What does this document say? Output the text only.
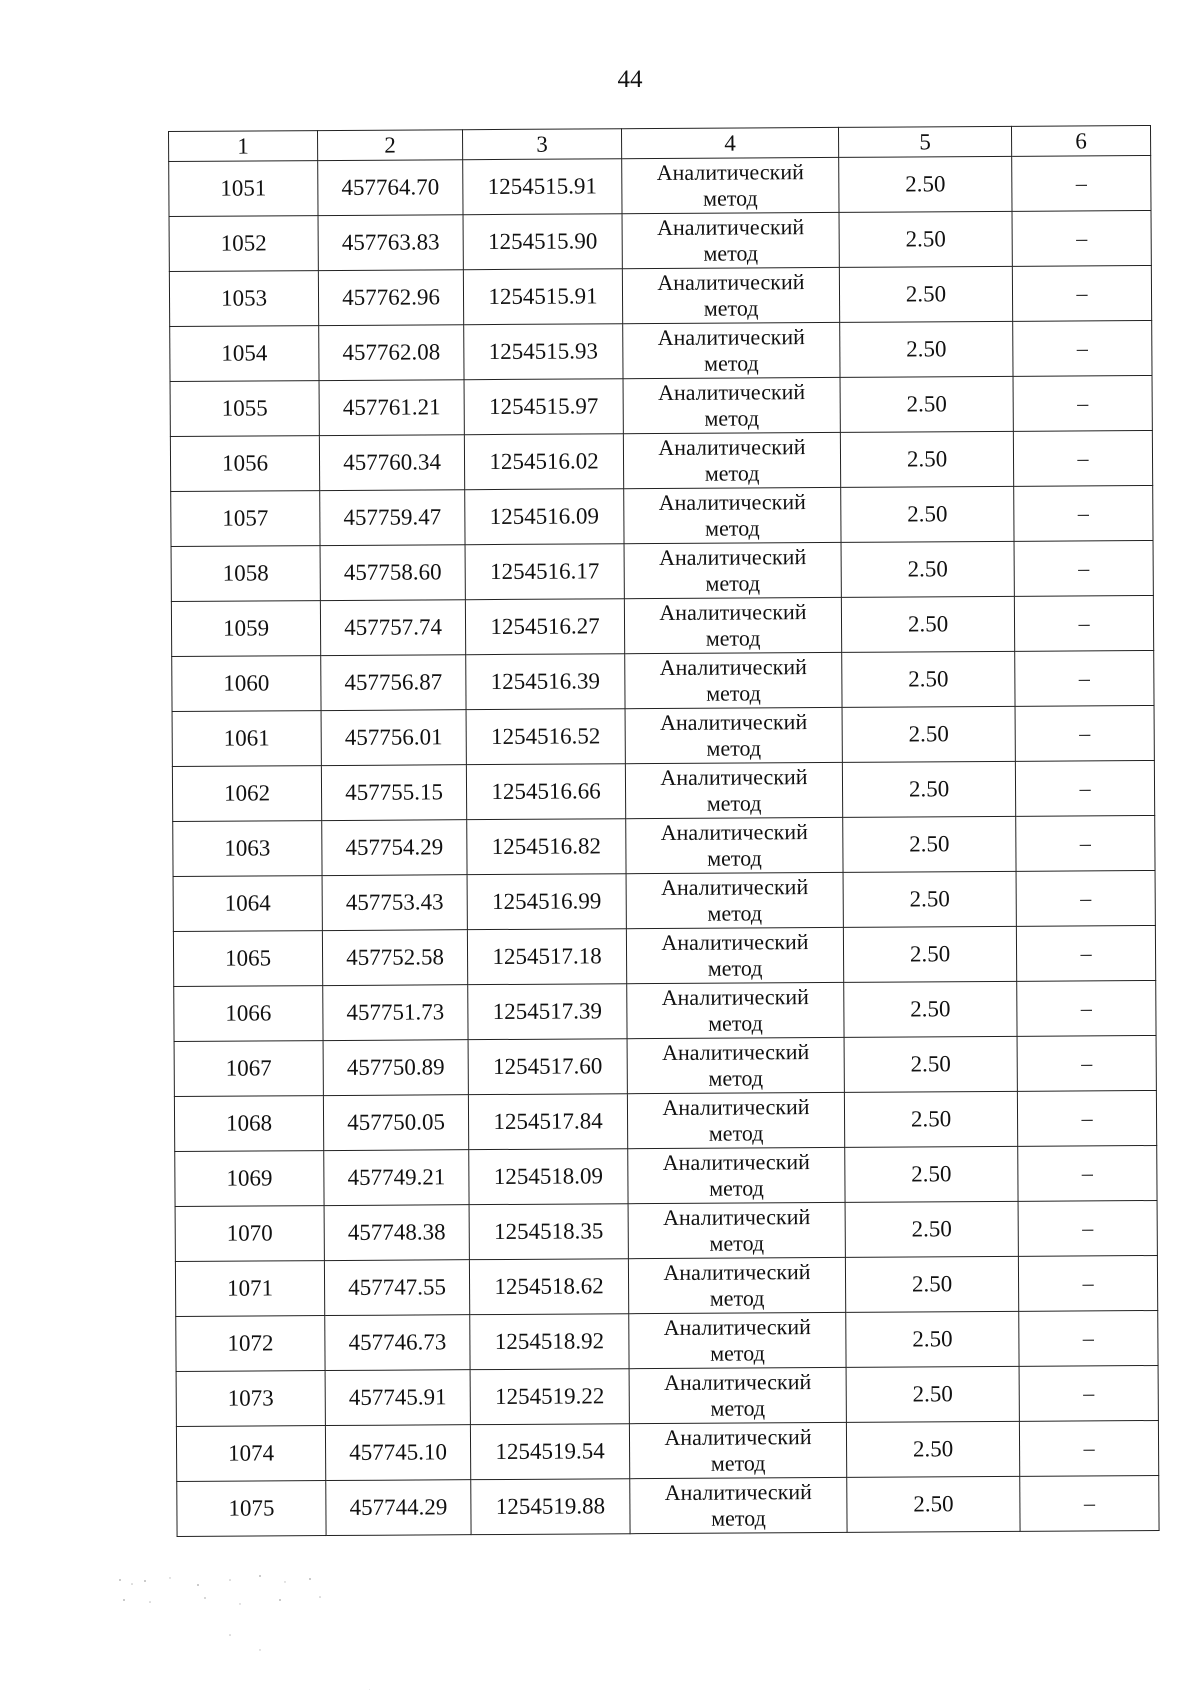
44
1	2	3	4	5	6
1051	457764.70	1254515.91	Аналитический
метод	2.50	–
1052	457763.83	1254515.90	Аналитический
метод	2.50	–
1053	457762.96	1254515.91	Аналитический
метод	2.50	–
1054	457762.08	1254515.93	Аналитический
метод	2.50	–
1055	457761.21	1254515.97	Аналитический
метод	2.50	–
1056	457760.34	1254516.02	Аналитический
метод	2.50	–
1057	457759.47	1254516.09	Аналитический
метод	2.50	–
1058	457758.60	1254516.17	Аналитический
метод	2.50	–
1059	457757.74	1254516.27	Аналитический
метод	2.50	–
1060	457756.87	1254516.39	Аналитический
метод	2.50	–
1061	457756.01	1254516.52	Аналитический
метод	2.50	–
1062	457755.15	1254516.66	Аналитический
метод	2.50	–
1063	457754.29	1254516.82	Аналитический
метод	2.50	–
1064	457753.43	1254516.99	Аналитический
метод	2.50	–
1065	457752.58	1254517.18	Аналитический
метод	2.50	–
1066	457751.73	1254517.39	Аналитический
метод	2.50	–
1067	457750.89	1254517.60	Аналитический
метод	2.50	–
1068	457750.05	1254517.84	Аналитический
метод	2.50	–
1069	457749.21	1254518.09	Аналитический
метод	2.50	–
1070	457748.38	1254518.35	Аналитический
метод	2.50	–
1071	457747.55	1254518.62	Аналитический
метод	2.50	–
1072	457746.73	1254518.92	Аналитический
метод	2.50	–
1073	457745.91	1254519.22	Аналитический
метод	2.50	–
1074	457745.10	1254519.54	Аналитический
метод	2.50	–
1075	457744.29	1254519.88	Аналитический
метод	2.50	–
